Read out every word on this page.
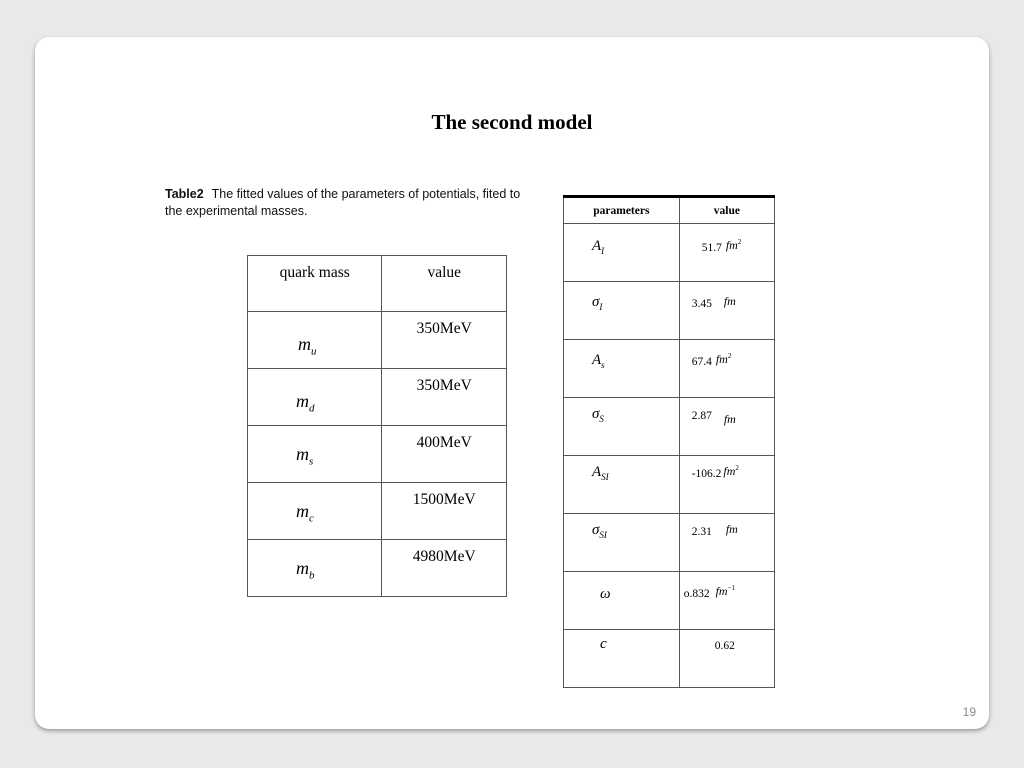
The second model
Table2 The fitted values of the parameters of potentials, fited to the experimental masses.
quark mass	value

$m_u$	350MeV

$m_d$	350MeV

$m_s$	400MeV

$m_c$	1500MeV

$m_b$	4980MeV
parameters	value

$A_I$	51.7 $fm^2$

$\sigma_I$	3.45 fm

$A_s$	67.4 $fm^2$

$\sigma_S$	2.87 fm

$A_{SI}$	-106.2 $fm^2$

$\sigma_{SI}$	2.31 fm

ω	o.832 $fm^{-1}$

c	0.62
19
